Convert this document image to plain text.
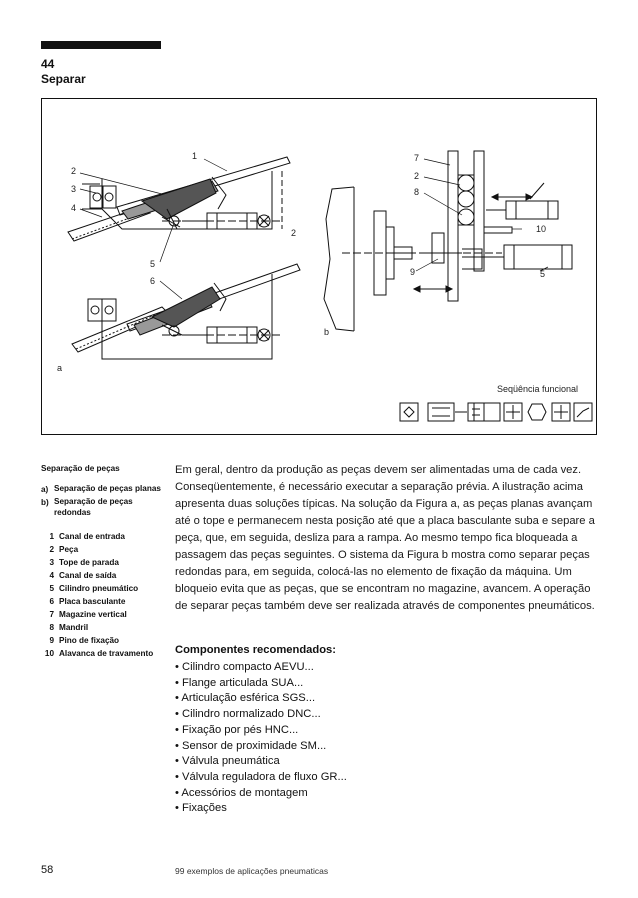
44
Separar
1
2
3
4
5
6
2
a
b
7
2
8
10
9	5
Seqüência funcional
Separação de peças
a) Separação de peças planas
b) Separação de peças redondas
1 Canal de entrada
2 Peça
3 Tope de parada
4 Canal de saída
5 Cilindro pneumático
6 Placa basculante
7 Magazine vertical
8 Mandril
9 Pino de fixação
10 Alavanca de travamento
Em geral, dentro da produção as peças devem ser alimentadas uma de cada vez. Conseqüentemente, é necessário executar a separação prévia. A ilustração acima apresenta duas soluções típicas. Na solução da Figura a, as peças planas avançam até o tope e permanecem nesta posição até que a placa basculante suba e separe a peça, que, em seguida, desliza para a rampa. Ao mesmo tempo fica bloqueada a passagem das peças seguintes. O sistema da Figura b mostra como separar peças redondas para, em seguida, colocá-las no elemento de fixação da máquina. Um bloqueio evita que as peças, que se encontram no magazine, avancem. A operação de separar peças também deve ser realizada através de componentes pneumáticos.
Componentes recomendados:
• Cilindro compacto AEVU...
• Flange articulada SUA...
• Articulação esférica SGS...
• Cilindro normalizado DNC...
• Fixação por pés HNC...
• Sensor de proximidade SM...
• Válvula pneumática
• Válvula reguladora de fluxo GR...
• Acessórios de montagem
• Fixações
58	99 exemplos de aplicações pneumaticas
